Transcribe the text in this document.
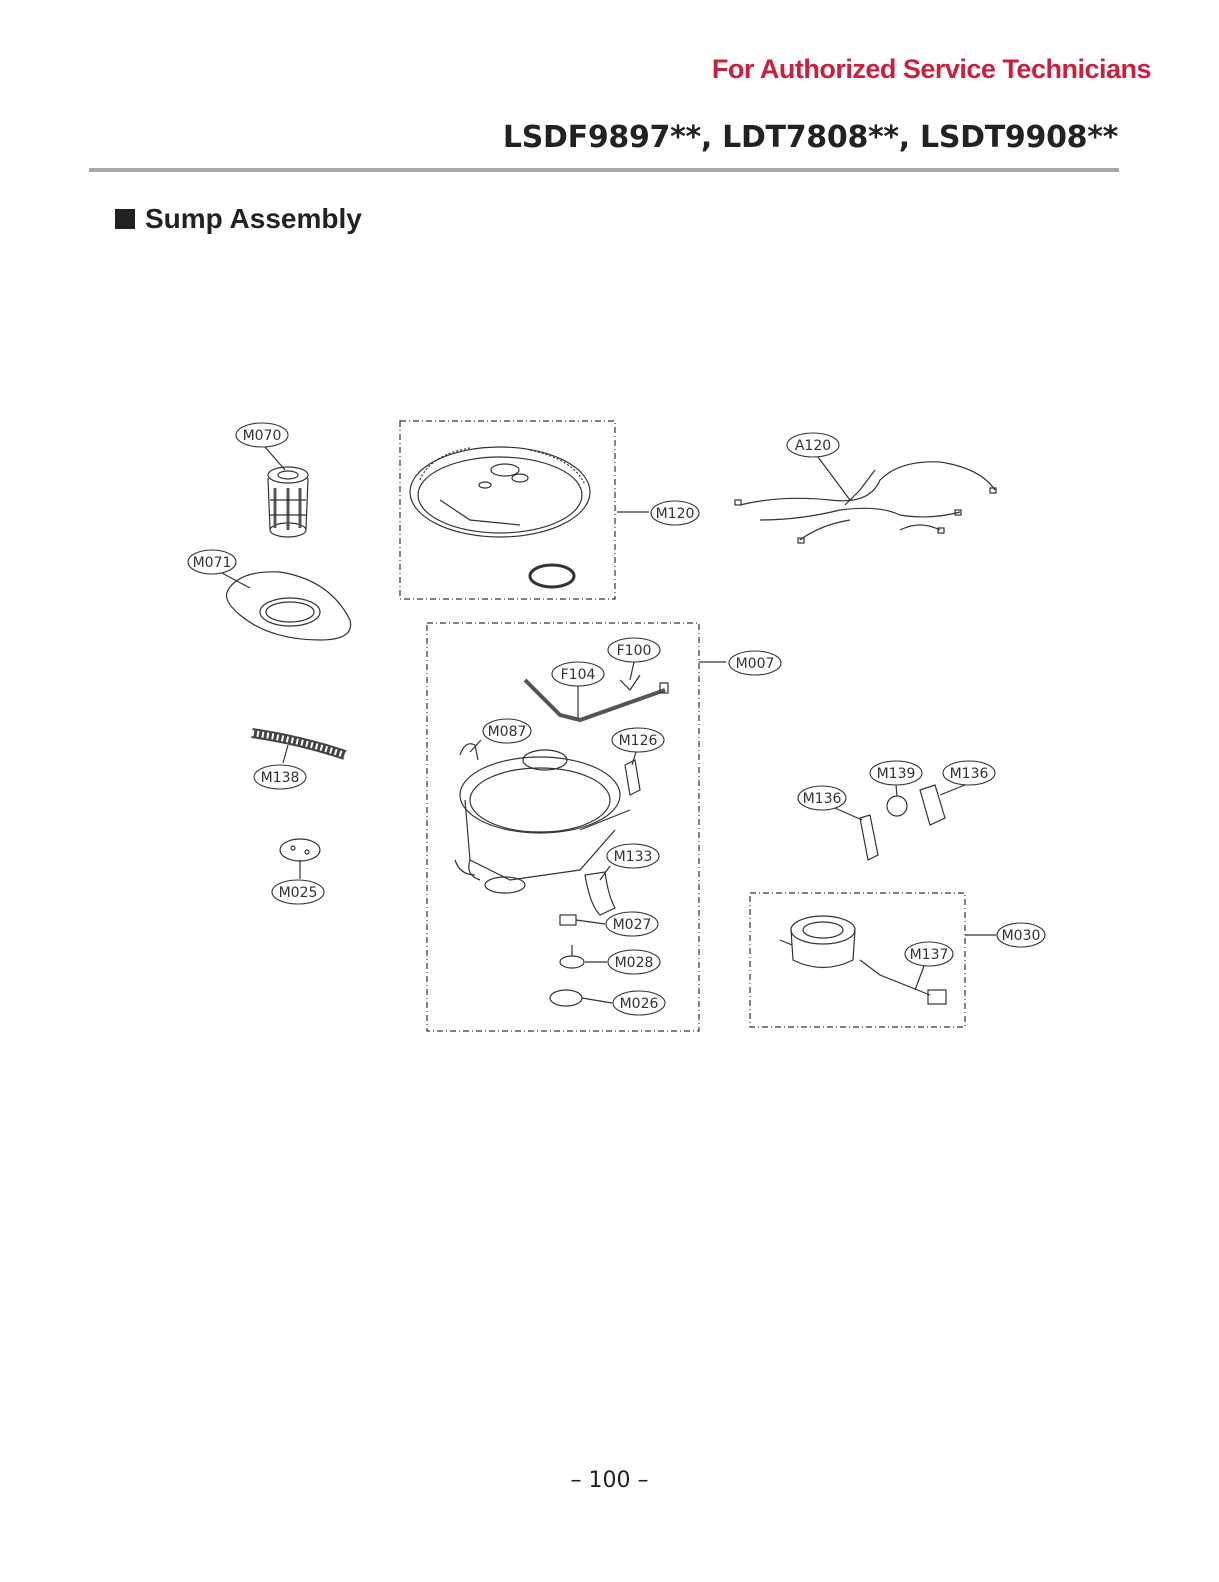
For Authorized Service Technicians
LSDF9897**, LDT7808**, LSDT9908**
Sump Assembly
M070
M071
M120
A120
M007
F100
F104
M087
M126
M138	M139 M136
M136
M133
M025
M027
M028
M026
M030
M137
– 100 –
